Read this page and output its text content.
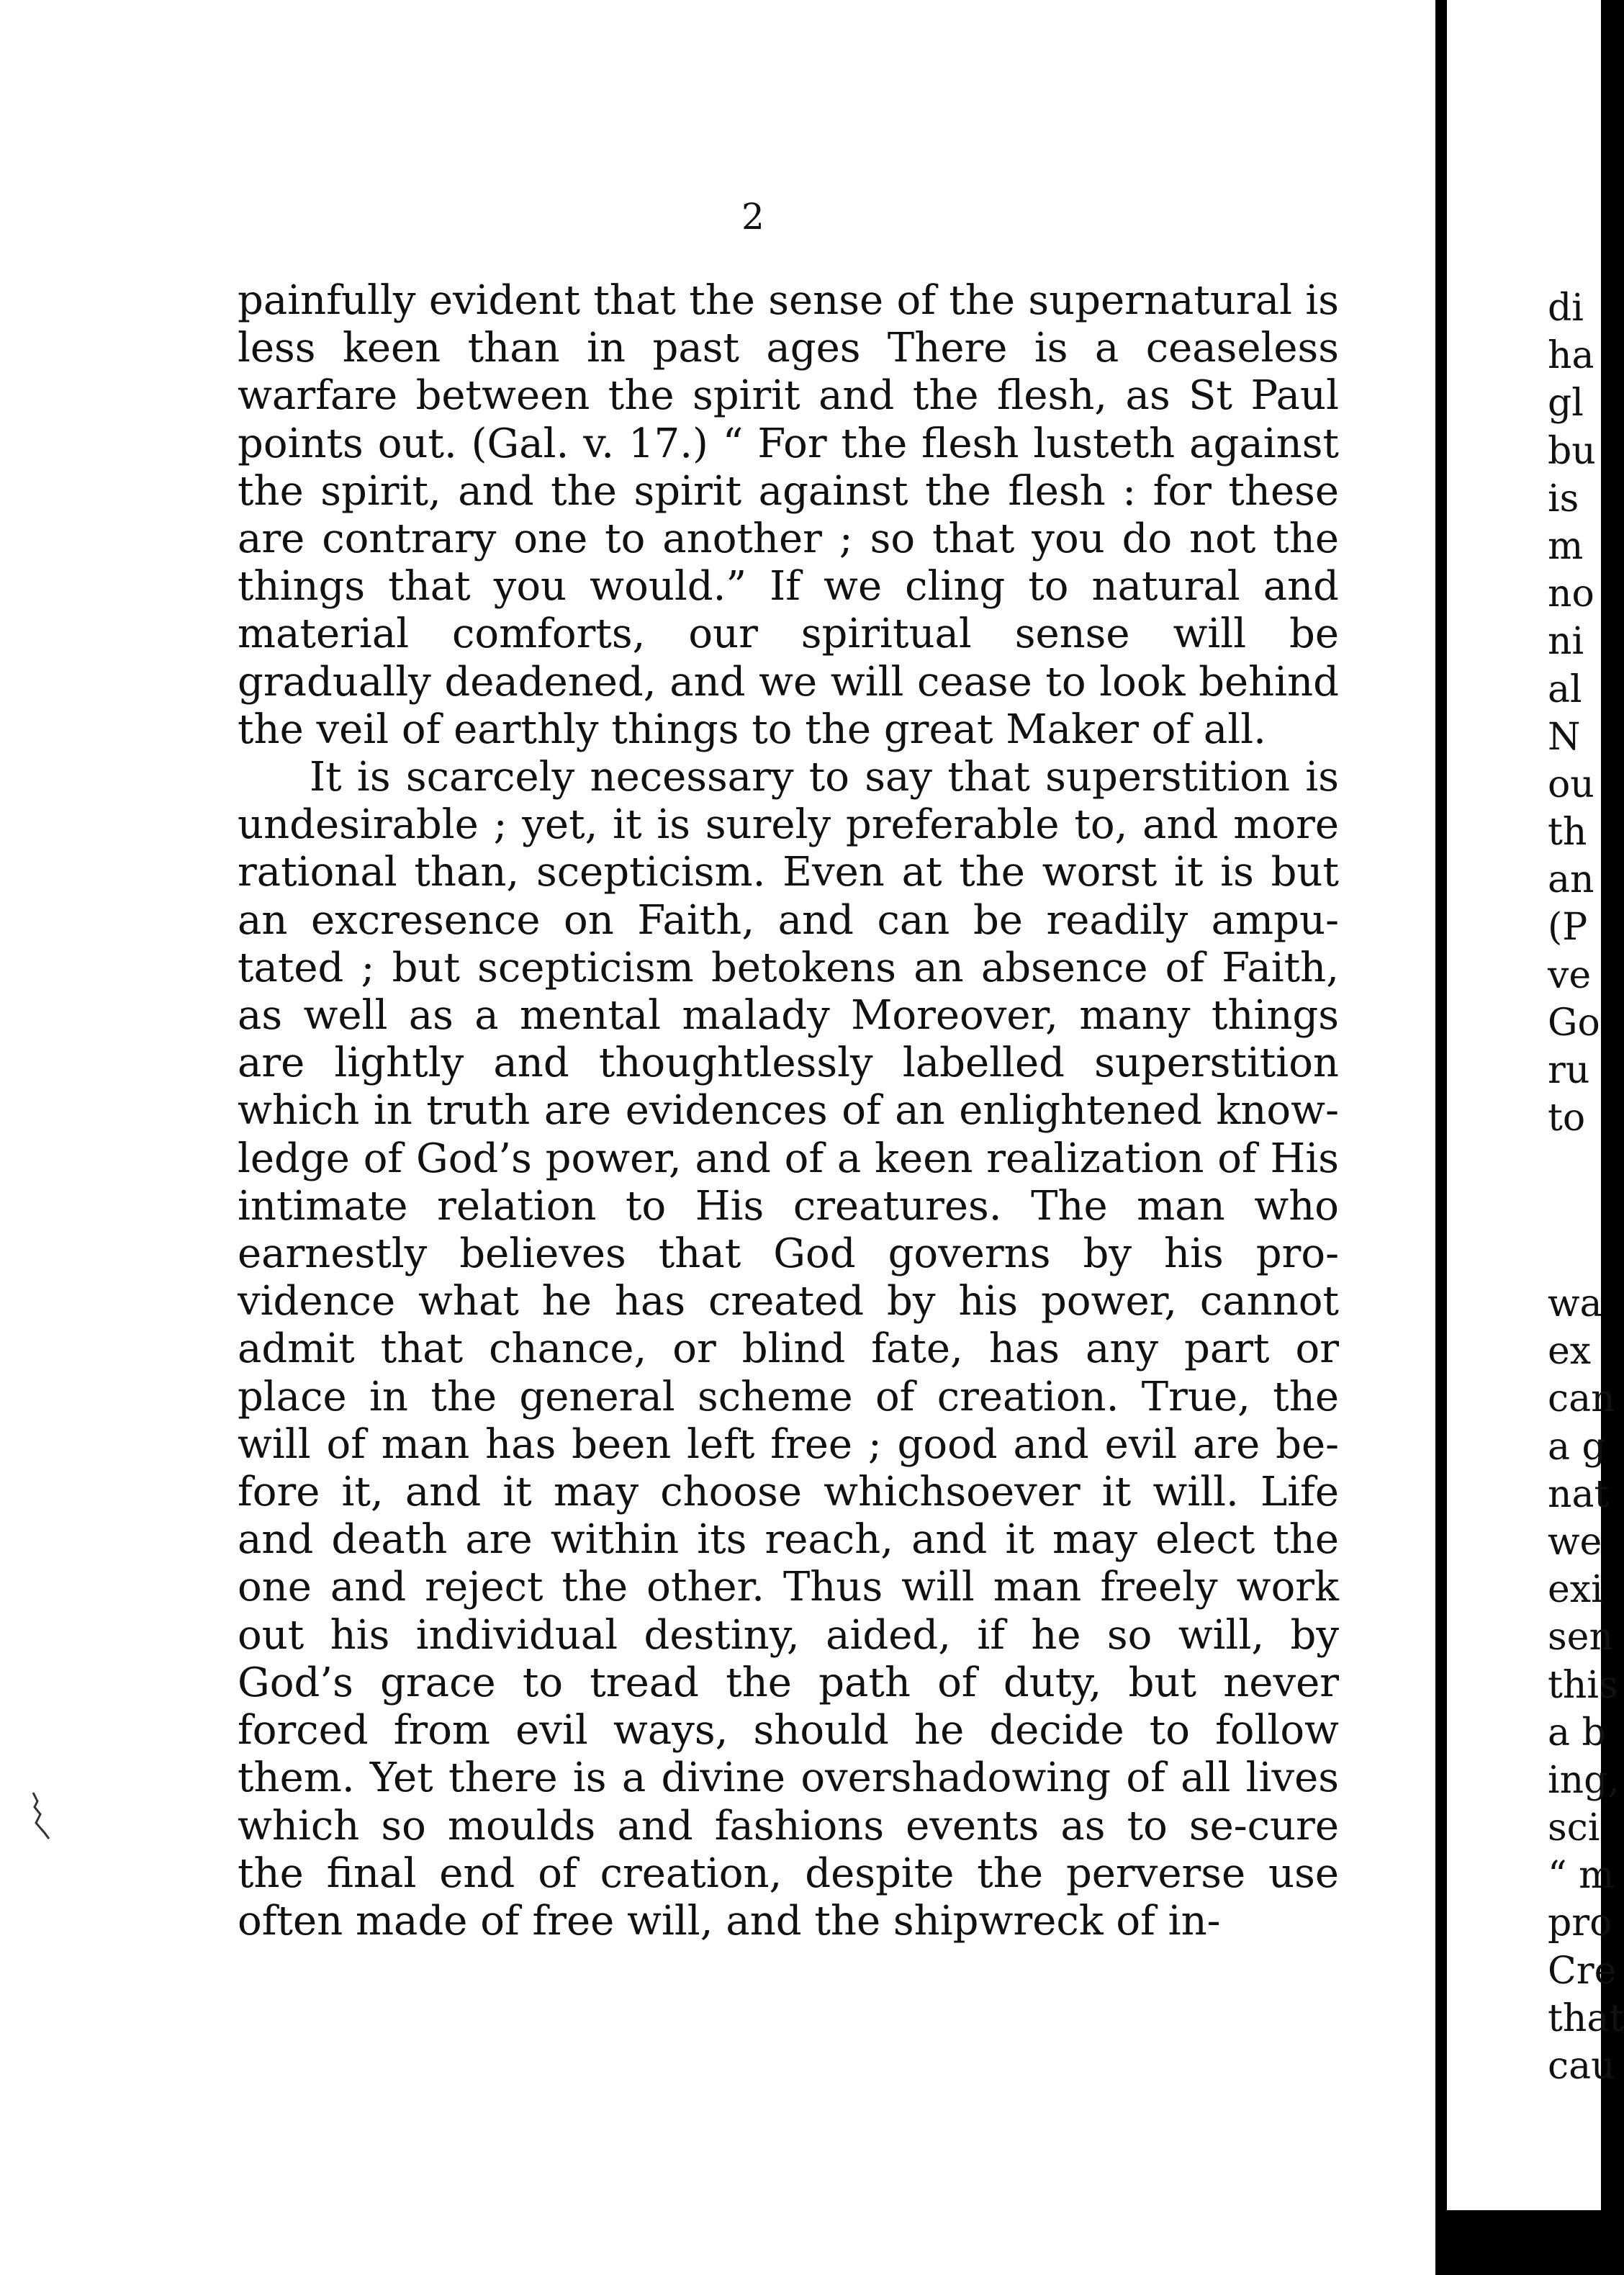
2

painfully evident that the sense of the supernatural is less keen than in past ages There is a ceaseless warfare between the spirit and the flesh, as St Paul points out. (Gal. v. 17.) “ For the flesh lusteth against the spirit, and the spirit against the flesh : for these are contrary one to another ; so that you do not the things that you would.” If we cling to natural and material comforts, our spiritual sense will be gradually deadened, and we will cease to look behind the veil of earthly things to the great Maker of all.

It is scarcely necessary to say that superstition is undesirable ; yet, it is surely preferable to, and more rational than, scepticism. Even at the worst it is but an excresence on Faith, and can be readily ampu-tated ; but scepticism betokens an absence of Faith, as well as a mental malady Moreover, many things are lightly and thoughtlessly labelled superstition which in truth are evidences of an enlightened know-ledge of God’s power, and of a keen realization of His intimate relation to His creatures. The man who earnestly believes that God governs by his pro-vidence what he has created by his power, cannot admit that chance, or blind fate, has any part or place in the general scheme of creation. True, the will of man has been left free ; good and evil are be-fore it, and it may choose whichsoever it will. Life and death are within its reach, and it may elect the one and reject the other. Thus will man freely work out his individual destiny, aided, if he so will, by God’s grace to tread the path of duty, but never forced from evil ways, should he decide to follow them. Yet there is a divine overshadowing of all lives which so moulds and fashions events as to se-cure the final end of creation, despite the perverse use often made of free will, and the shipwreck of in-

di
ha
gl
bu
is
m
no
ni
al
N
ou
th
an
(P
ve
Go
ru
to
wa
ex
can
a g
nat
we
exi
sen
this
a b
ing,
sci
“ m
pro
Cre
that
cau
